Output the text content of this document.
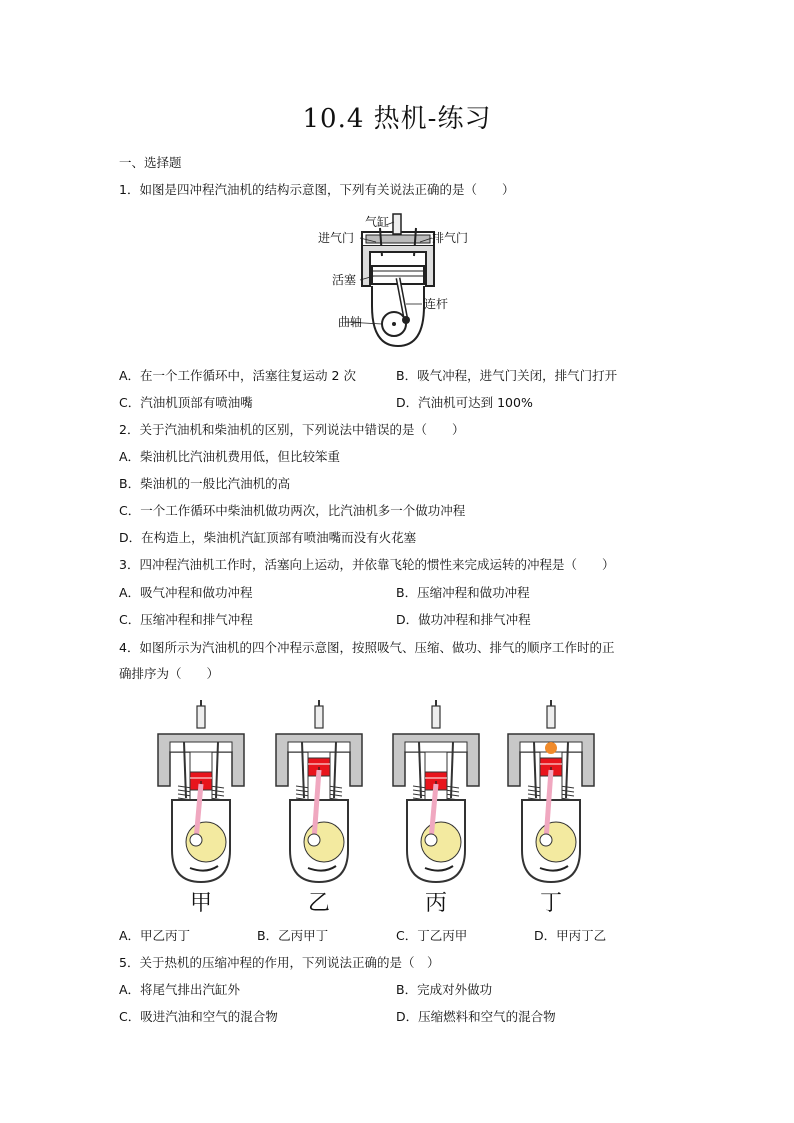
10.4 热机-练习
一、选择题
1．如图是四冲程汽油机的结构示意图，下列有关说法正确的是（　　）
气缸
进气门	排气门
活塞
连杆
曲轴
A．在一个工作循环中，活塞往复运动 2 次	B．吸气冲程，进气门关闭，排气门打开
C．汽油机顶部有喷油嘴	D．汽油机可达到 100%
2．关于汽油机和柴油机的区别，下列说法中错误的是（　　）
A．柴油机比汽油机费用低，但比较笨重
B．柴油机的一般比汽油机的高
C．一个工作循环中柴油机做功两次，比汽油机多一个做功冲程
D．在构造上，柴油机汽缸顶部有喷油嘴而没有火花塞
3．四冲程汽油机工作时，活塞向上运动，并依靠飞轮的惯性来完成运转的冲程是（　　）
A．吸气冲程和做功冲程	B．压缩冲程和做功冲程
C．压缩冲程和排气冲程	D．做功冲程和排气冲程
4．如图所示为汽油机的四个冲程示意图，按照吸气、压缩、做功、排气的顺序工作时的正
确排序为（　　）
甲	乙	丙	丁
A．甲乙丙丁	B．乙丙甲丁	C．丁乙丙甲	D．甲丙丁乙
5．关于热机的压缩冲程的作用，下列说法正确的是（　）
A．将尾气排出汽缸外	B．完成对外做功
C．吸进汽油和空气的混合物	D．压缩燃料和空气的混合物
